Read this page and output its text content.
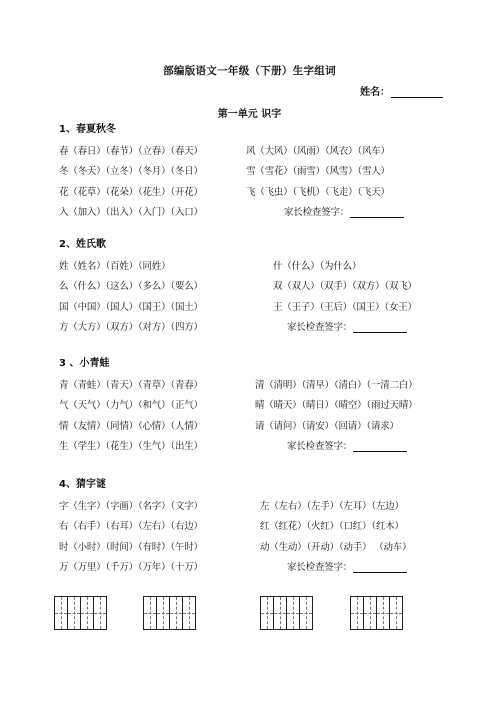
部编版语文一年级（下册）生字组词
姓名：
第一单元 识字
1、春夏秋冬
春（春日）（春节）（立春）（春天）	风（大风）（风雨）（风衣）（风车）
冬（冬天）（立冬）（冬月）（冬日）	雪（雪花）（雨雪）（风雪）（雪人）
花（花草）（花朵）（花生）（开花）	飞（飞虫）（飞机）（飞走）（飞天）
入（加入）（出入）（入门）（入口）	家长检查签字：
2、姓氏歌
姓（姓名）（百姓）（同姓）	什（什么）（为什么）
么（什么）（这么）（多么）（要么）	双（双人）（双手）（双方）（双飞）
国（中国）（国人）（国王）（国土）	王（王子）（王后）（国王）（女王）
方（大方）（双方）（对方）（四方）	家长检查签字：
3 、小青蛙
青（青蛙）（青天）（青草）（青春）	清（清明）（清早）（清白）（一清二白）
气（天气）（力气）（和气）（正气）	晴（晴天）（晴日）（晴空）（雨过天晴）
情（友情）（同情）（心情）（人情）	请（请问）（请安）（回请）（请求）
生（学生）（花生）（生气）（出生）	家长检查签字：
4、猜字谜
字（生字）（字画）（名字）（文字）	左（左右）（左手）（左耳）（左边）
右（右手）（右耳）（左右）（右边）	红（红花）（火红）（口红）（红木）
时（小时）（时间）（有时）（午时）	动（生动）（开动）（动手） （动车）
万（万里）（千万）（万年）（十万）	家长检查签字：
